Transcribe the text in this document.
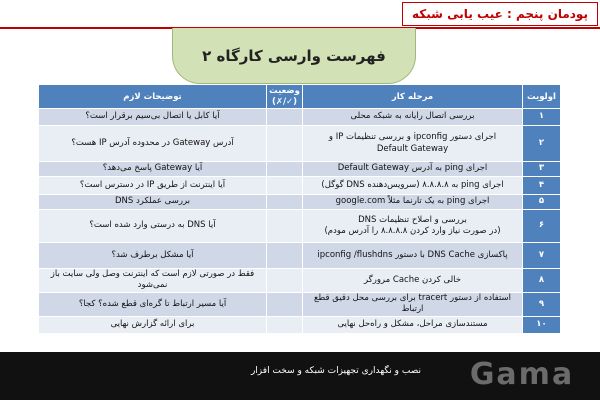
پودمان پنجم : عیب یابی شبکه
فهرست وارسی کارگاه ۲
توضیحات لازم	وضعیت
(✓/✗)	مرحله کار	اولویت
آیا کابل یا اتصال بی‌سیم برقرار است؟		بررسی اتصال رایانه به شبکه محلی	۱
آدرس Gateway در محدوده آدرس IP هست؟		اجرای دستور ipconfig و بررسی تنظیمات IP و
Default Gateway	۲
آیا Gateway پاسخ می‌دهد؟		اجرای ping به آدرس Default Gateway	۳
آیا اینترنت از طریق IP در دسترس است؟		اجرای ping به ۸.۸.۸.۸ (سرویس‌دهنده DNS گوگل)	۴
بررسی عملکرد DNS		اجرای ping به یک تارنما مثلاً google.com	۵
آیا DNS به درستی وارد شده است؟		بررسی و اصلاح تنظیمات DNS
(در صورت نیاز وارد کردن ۸.۸.۸.۸ را آدرس مودم)	۶
آیا مشکل برطرف شد؟		پاکسازی DNS Cache با دستور ipconfig /flushdns	۷
فقط در صورتی لازم است که اینترنت وصل ولی سایت باز نمی‌شود		خالی کردن Cache مرورگر	۸
آیا مسیر ارتباط تا گره‌ای قطع شده؟ کجا؟		استفاده از دستور tracert برای بررسی محل دقیق قطع ارتباط	۹
برای ارائه گزارش نهایی		مستندسازی مراحل، مشکل و راه‌حل نهایی	۱۰
نصب و نگهداری تجهیزات شبکه و سخت افزار	Gama
